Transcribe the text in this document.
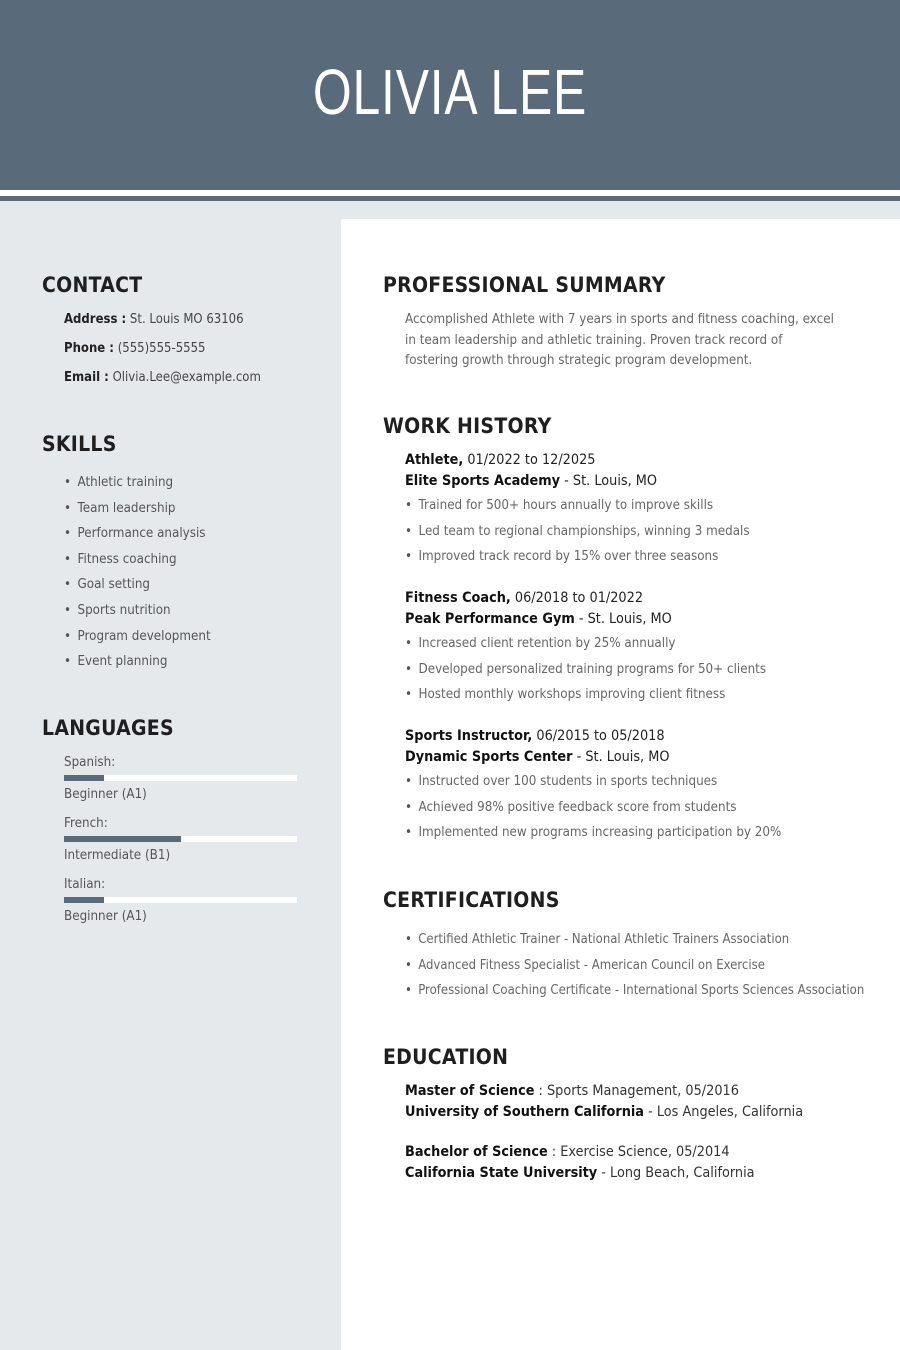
OLIVIA LEE
CONTACT
Address : St. Louis MO 63106
Phone : (555)555-5555
Email : Olivia.Lee@example.com
SKILLS
• Athletic training
• Team leadership
• Performance analysis
• Fitness coaching
• Goal setting
• Sports nutrition
• Program development
• Event planning
LANGUAGES
Spanish:
Beginner (A1)
French:
Intermediate (B1)
Italian:
Beginner (A1)
PROFESSIONAL SUMMARY
Accomplished Athlete with 7 years in sports and fitness coaching, excel in team leadership and athletic training. Proven track record of fostering growth through strategic program development.
WORK HISTORY
Athlete, 01/2022 to 12/2025
Elite Sports Academy - St. Louis, MO
• Trained for 500+ hours annually to improve skills
• Led team to regional championships, winning 3 medals
• Improved track record by 15% over three seasons
Fitness Coach, 06/2018 to 01/2022
Peak Performance Gym - St. Louis, MO
• Increased client retention by 25% annually
• Developed personalized training programs for 50+ clients
• Hosted monthly workshops improving client fitness
Sports Instructor, 06/2015 to 05/2018
Dynamic Sports Center - St. Louis, MO
• Instructed over 100 students in sports techniques
• Achieved 98% positive feedback score from students
• Implemented new programs increasing participation by 20%
CERTIFICATIONS
• Certified Athletic Trainer - National Athletic Trainers Association
• Advanced Fitness Specialist - American Council on Exercise
• Professional Coaching Certificate - International Sports Sciences Association
EDUCATION
Master of Science : Sports Management, 05/2016
University of Southern California - Los Angeles, California
Bachelor of Science : Exercise Science, 05/2014
California State University - Long Beach, California
